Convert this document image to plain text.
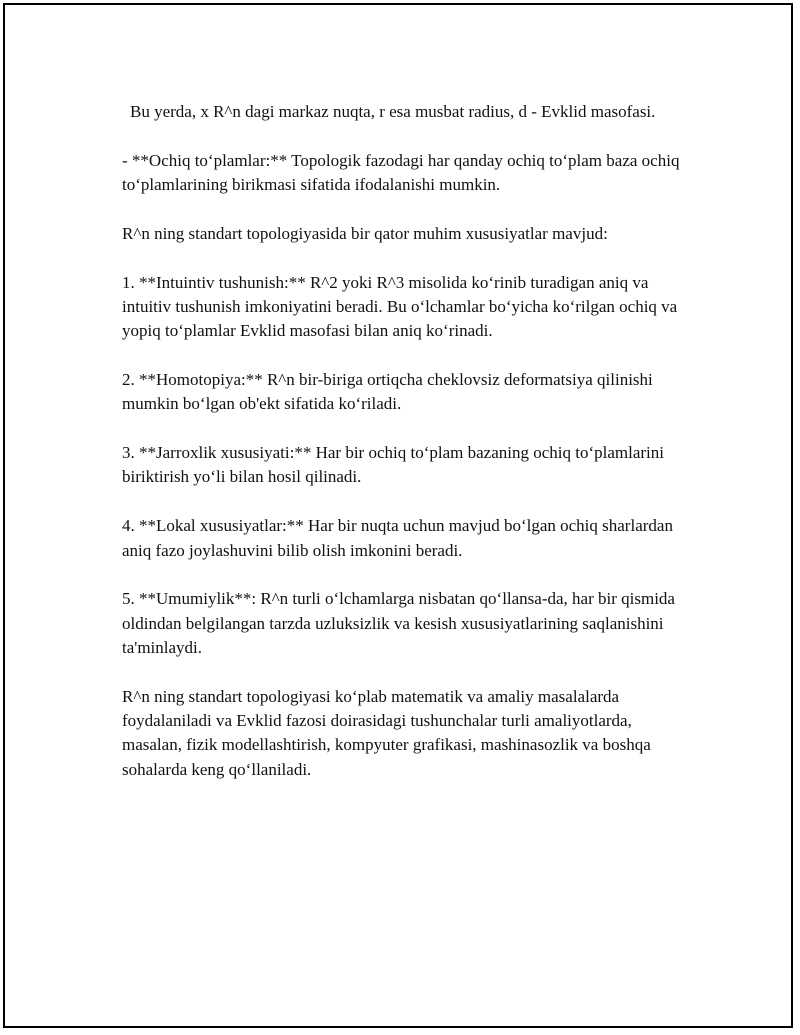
Bu yerda, x R^n dagi markaz nuqta, r esa musbat radius, d - Evklid masofasi.

- **Ochiq to‘plamlar:** Topologik fazodagi har qanday ochiq to‘plam baza ochiq to‘plamlarining birikmasi sifatida ifodalanishi mumkin.

R^n ning standart topologiyasida bir qator muhim xususiyatlar mavjud:

1. **Intuintiv tushunish:** R^2 yoki R^3 misolida ko‘rinib turadigan aniq va intuitiv tushunish imkoniyatini beradi. Bu o‘lchamlar bo‘yicha ko‘rilgan ochiq va yopiq to‘plamlar Evklid masofasi bilan aniq ko‘rinadi.

2. **Homotopiya:** R^n bir-biriga ortiqcha cheklovsiz deformatsiya qilinishi mumkin bo‘lgan ob'ekt sifatida ko‘riladi.

3. **Jarroxlik xususiyati:** Har bir ochiq to‘plam bazaning ochiq to‘plamlarini biriktirish yo‘li bilan hosil qilinadi.

4. **Lokal xususiyatlar:** Har bir nuqta uchun mavjud bo‘lgan ochiq sharlardan aniq fazo joylashuvini bilib olish imkonini beradi.

5. **Umumiylik**: R^n turli o‘lchamlarga nisbatan qo‘llansa-da, har bir qismida oldindan belgilangan tarzda uzluksizlik va kesish xususiyatlarining saqlanishini ta'minlaydi.

R^n ning standart topologiyasi ko‘plab matematik va amaliy masalalarda foydalaniladi va Evklid fazosi doirasidagi tushunchalar turli amaliyotlarda, masalan, fizik modellashtirish, kompyuter grafikasi, mashinasozlik va boshqa sohalarda keng qo‘llaniladi.
